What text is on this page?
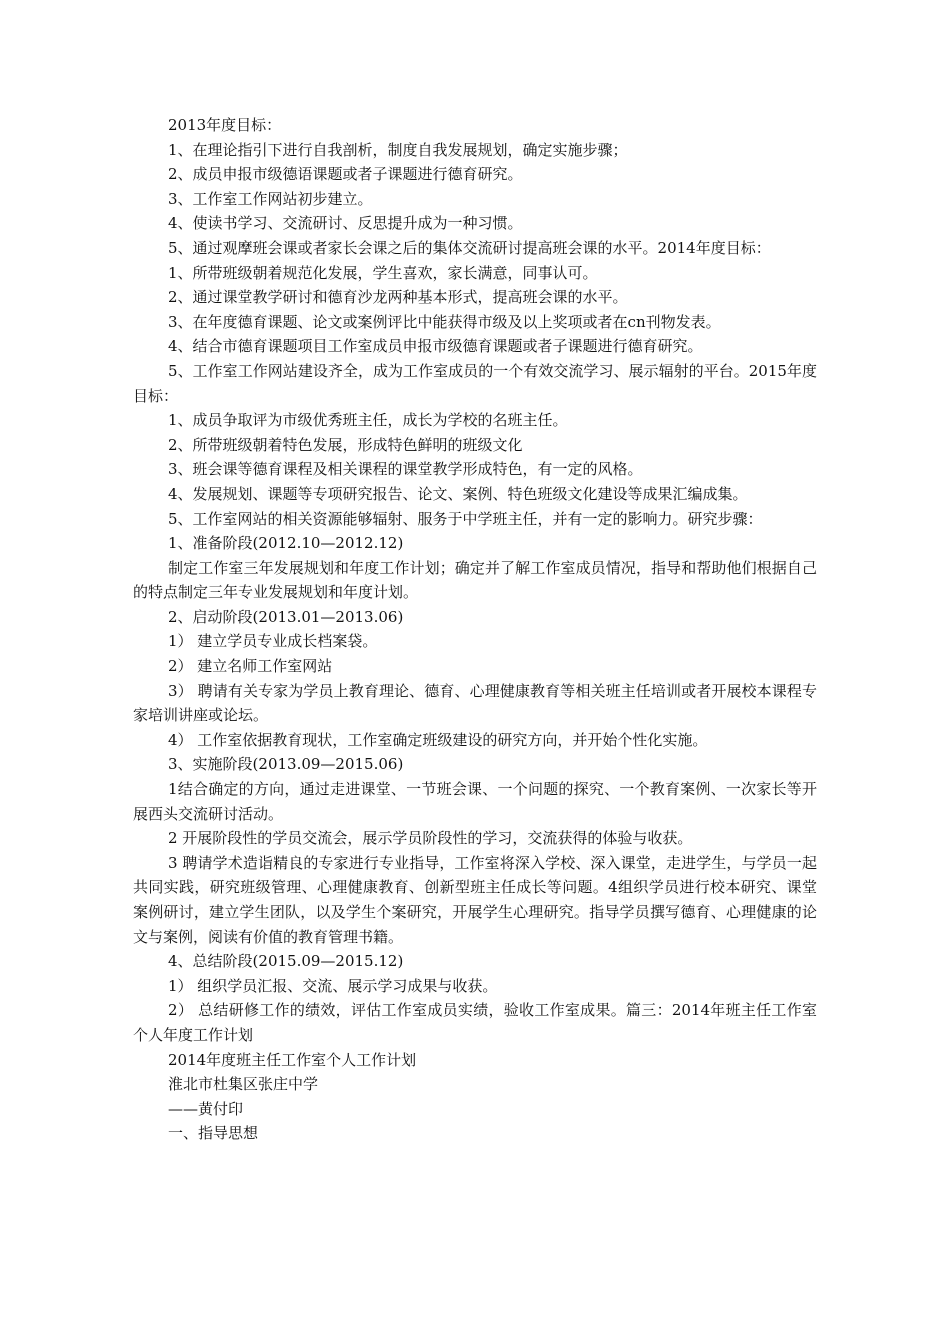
2013年度目标：

1、在理论指引下进行自我剖析，制度自我发展规划，确定实施步骤；

2、成员申报市级德语课题或者子课题进行德育研究。

3、工作室工作网站初步建立。

4、使读书学习、交流研讨、反思提升成为一种习惯。

5、通过观摩班会课或者家长会课之后的集体交流研讨提高班会课的水平。2014年度目标：

1、所带班级朝着规范化发展，学生喜欢，家长满意，同事认可。

2、通过课堂教学研讨和德育沙龙两种基本形式，提高班会课的水平。

3、在年度德育课题、论文或案例评比中能获得市级及以上奖项或者在cn刊物发表。

4、结合市德育课题项目工作室成员申报市级德育课题或者子课题进行德育研究。

5、工作室工作网站建设齐全，成为工作室成员的一个有效交流学习、展示辐射的平台。2015年度目标：

1、成员争取评为市级优秀班主任，成长为学校的名班主任。

2、所带班级朝着特色发展，形成特色鲜明的班级文化

3、班会课等德育课程及相关课程的课堂教学形成特色，有一定的风格。

4、发展规划、课题等专项研究报告、论文、案例、特色班级文化建设等成果汇编成集。

5、工作室网站的相关资源能够辐射、服务于中学班主任，并有一定的影响力。研究步骤：

1、准备阶段(2012.10—2012.12)

制定工作室三年发展规划和年度工作计划；确定并了解工作室成员情况，指导和帮助他们根据自己的特点制定三年专业发展规划和年度计划。

2、启动阶段(2013.01—2013.06)

1） 建立学员专业成长档案袋。

2） 建立名师工作室网站

3） 聘请有关专家为学员上教育理论、德育、心理健康教育等相关班主任培训或者开展校本课程专家培训讲座或论坛。

4） 工作室依据教育现状，工作室确定班级建设的研究方向，并开始个性化实施。

3、实施阶段(2013.09—2015.06)

1结合确定的方向，通过走进课堂、一节班会课、一个问题的探究、一个教育案例、一次家长等开展西头交流研讨活动。

2 开展阶段性的学员交流会，展示学员阶段性的学习，交流获得的体验与收获。

3 聘请学术造诣精良的专家进行专业指导，工作室将深入学校、深入课堂，走进学生，与学员一起共同实践，研究班级管理、心理健康教育、创新型班主任成长等问题。4组织学员进行校本研究、课堂案例研讨，建立学生团队，以及学生个案研究，开展学生心理研究。指导学员撰写德育、心理健康的论文与案例，阅读有价值的教育管理书籍。

4、总结阶段(2015.09—2015.12)

1） 组织学员汇报、交流、展示学习成果与收获。

2） 总结研修工作的绩效，评估工作室成员实绩，验收工作室成果。篇三：2014年班主任工作室个人年度工作计划

2014年度班主任工作室个人工作计划

淮北市杜集区张庄中学

——黄付印

一、指导思想
